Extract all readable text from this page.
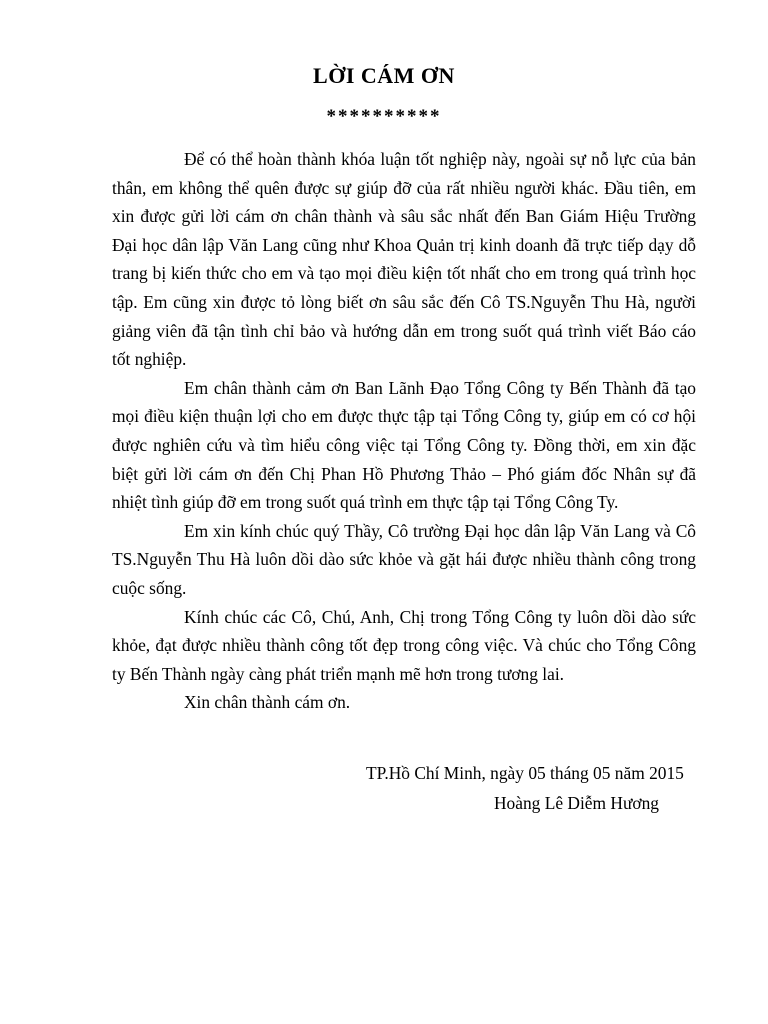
LỜI CÁM ƠN
**********

Để có thể hoàn thành khóa luận tốt nghiệp này, ngoài sự nỗ lực của bản thân, em không thể quên được sự giúp đỡ của rất nhiều người khác. Đầu tiên, em xin được gửi lời cám ơn chân thành và sâu sắc nhất đến Ban Giám Hiệu Trường Đại học dân lập Văn Lang cũng như Khoa Quản trị kinh doanh đã trực tiếp dạy dỗ trang bị kiến thức cho em và tạo mọi điều kiện tốt nhất cho em trong quá trình học tập. Em cũng xin được tỏ lòng biết ơn sâu sắc đến Cô TS.Nguyễn Thu Hà, người giảng viên đã tận tình chỉ bảo và hướng dẫn em trong suốt quá trình viết Báo cáo tốt nghiệp.

Em chân thành cảm ơn Ban Lãnh Đạo Tổng Công ty Bến Thành đã tạo mọi điều kiện thuận lợi cho em được thực tập tại Tổng Công ty, giúp em có cơ hội được nghiên cứu và tìm hiểu công việc tại Tổng Công ty. Đồng thời, em xin đặc biệt gửi lời cám ơn đến Chị Phan Hồ Phương Thảo – Phó giám đốc Nhân sự đã nhiệt tình giúp đỡ em trong suốt quá trình em thực tập tại Tổng Công Ty.

Em xin kính chúc quý Thầy, Cô trường Đại học dân lập Văn Lang và Cô TS.Nguyễn Thu Hà luôn dồi dào sức khỏe và gặt hái được nhiều thành công trong cuộc sống.

Kính chúc các Cô, Chú, Anh, Chị trong Tổng Công ty luôn dồi dào sức khỏe, đạt được nhiều thành công tốt đẹp trong công việc. Và chúc cho Tổng Công ty Bến Thành ngày càng phát triển mạnh mẽ hơn trong tương lai.

Xin chân thành cám ơn.

TP.Hồ Chí Minh, ngày 05 tháng 05 năm 2015
Hoàng Lê Diễm Hương
